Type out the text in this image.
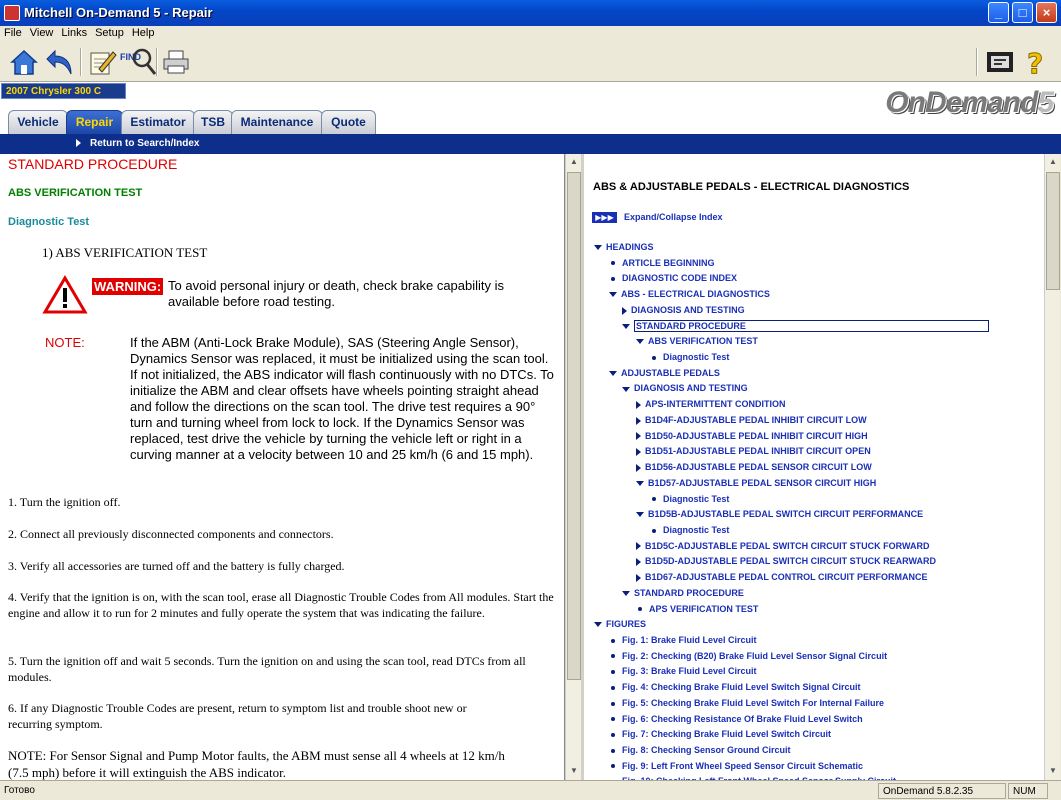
Mitchell On-Demand 5 - Repair	_	□	×
File View Links Setup Help
FIND	?
2007 Chrysler 300 C	OnDemand5
Vehicle	Repair	Estimator	TSB	Maintenance	Quote
Return to Search/Index
STANDARD PROCEDURE
ABS VERIFICATION TEST
Diagnostic Test
1) ABS VERIFICATION TEST
WARNING: To avoid personal injury or death, check brake capability is available before road testing.
NOTE:	If the ABM (Anti-Lock Brake Module), SAS (Steering Angle Sensor), Dynamics Sensor was replaced, it must be initialized using the scan tool. If not initialized, the ABS indicator will flash continuously with no DTCs. To initialize the ABM and clear offsets have wheels pointing straight ahead and follow the directions on the scan tool. The drive test requires a 90° turn and turning wheel from lock to lock. If the Dynamics Sensor was replaced, test drive the vehicle by turning the vehicle left or right in a curving manner at a velocity between 10 and 25 km/h (6 and 15 mph).
1. Turn the ignition off.
2. Connect all previously disconnected components and connectors.
3. Verify all accessories are turned off and the battery is fully charged.
4. Verify that the ignition is on, with the scan tool, erase all Diagnostic Trouble Codes from All modules. Start the engine and allow it to run for 2 minutes and fully operate the system that was indicating the failure.
5. Turn the ignition off and wait 5 seconds. Turn the ignition on and using the scan tool, read DTCs from all modules.
6. If any Diagnostic Trouble Codes are present, return to symptom list and trouble shoot new or recurring symptom.
NOTE: For Sensor Signal and Pump Motor faults, the ABM must sense all 4 wheels at 12 km/h (7.5 mph) before it will extinguish the ABS indicator.
▲
▼
ABS & ADJUSTABLE PEDALS - ELECTRICAL DIAGNOSTICS
▶▶▶	Expand/Collapse Index
HEADINGS
ARTICLE BEGINNING
DIAGNOSTIC CODE INDEX
ABS - ELECTRICAL DIAGNOSTICS
DIAGNOSIS AND TESTING
STANDARD PROCEDURE
ABS VERIFICATION TEST
Diagnostic Test
ADJUSTABLE PEDALS
DIAGNOSIS AND TESTING
APS-INTERMITTENT CONDITION
B1D4F-ADJUSTABLE PEDAL INHIBIT CIRCUIT LOW
B1D50-ADJUSTABLE PEDAL INHIBIT CIRCUIT HIGH
B1D51-ADJUSTABLE PEDAL INHIBIT CIRCUIT OPEN
B1D56-ADJUSTABLE PEDAL SENSOR CIRCUIT LOW
B1D57-ADJUSTABLE PEDAL SENSOR CIRCUIT HIGH
Diagnostic Test
B1D5B-ADJUSTABLE PEDAL SWITCH CIRCUIT PERFORMANCE
Diagnostic Test
B1D5C-ADJUSTABLE PEDAL SWITCH CIRCUIT STUCK FORWARD
B1D5D-ADJUSTABLE PEDAL SWITCH CIRCUIT STUCK REARWARD
B1D67-ADJUSTABLE PEDAL CONTROL CIRCUIT PERFORMANCE
STANDARD PROCEDURE
APS VERIFICATION TEST
FIGURES
Fig. 1: Brake Fluid Level Circuit
Fig. 2: Checking (B20) Brake Fluid Level Sensor Signal Circuit
Fig. 3: Brake Fluid Level Circuit
Fig. 4: Checking Brake Fluid Level Switch Signal Circuit
Fig. 5: Checking Brake Fluid Level Switch For Internal Failure
Fig. 6: Checking Resistance Of Brake Fluid Level Switch
Fig. 7: Checking Brake Fluid Level Switch Circuit
Fig. 8: Checking Sensor Ground Circuit
Fig. 9: Left Front Wheel Speed Sensor Circuit Schematic
▲
▼
Готово	OnDemand 5.8.2.35	NUM
